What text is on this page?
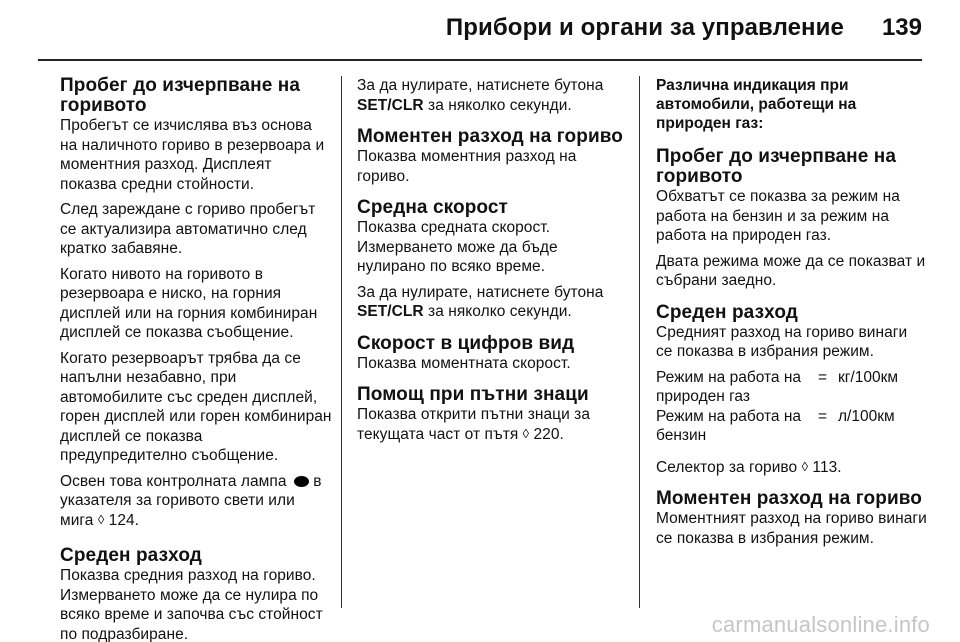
Прибори и органи за управление 139
Пробег до изчерпване на горивото
Пробегът се изчислява въз основа на наличното гориво в резервоара и моментния разход. Дисплеят показва средни стойности.
След зареждане с гориво пробегът се актуализира автоматично след кратко забавяне.
Когато нивото на горивото в резервоара е ниско, на горния дисплей или на горния комбиниран дисплей се показва съобщение.
Когато резервоарът трябва да се напълни незабавно, при автомобилите със среден дисплей, горен дисплей или горен комбиниран дисплей се показва предупредително съобщение.
Освен това контролната лампа в указателя за горивото свети или мига ◊ 124.
Среден разход
Показва средния разход на гориво. Измерването може да се нулира по всяко време и започва със стойност по подразбиране.
За да нулирате, натиснете бутона SET/CLR за няколко секунди.
Моментен разход на гориво
Показва моментния разход на гориво.
Средна скорост
Показва средната скорост. Измерването може да бъде нулирано по всяко време.
За да нулирате, натиснете бутона SET/CLR за няколко секунди.
Скорост в цифров вид
Показва моментната скорост.
Помощ при пътни знаци
Показва открити пътни знаци за текущата част от пътя ◊ 220.
Различна индикация при автомобили, работещи на природен газ:
Пробег до изчерпване на горивото
Обхватът се показва за режим на работа на бензин и за режим на работа на природен газ.
Двата режима може да се показват и събрани заедно.
Среден разход
Средният разход на гориво винаги се показва в избрания режим.
Режим на работа на природен газ
= кг/100км
Режим на работа на бензин
= л/100км
Селектор за гориво ◊ 113.
Моментен разход на гориво
Моментният разход на гориво винаги се показва в избрания режим.
carmanualsonline.info
